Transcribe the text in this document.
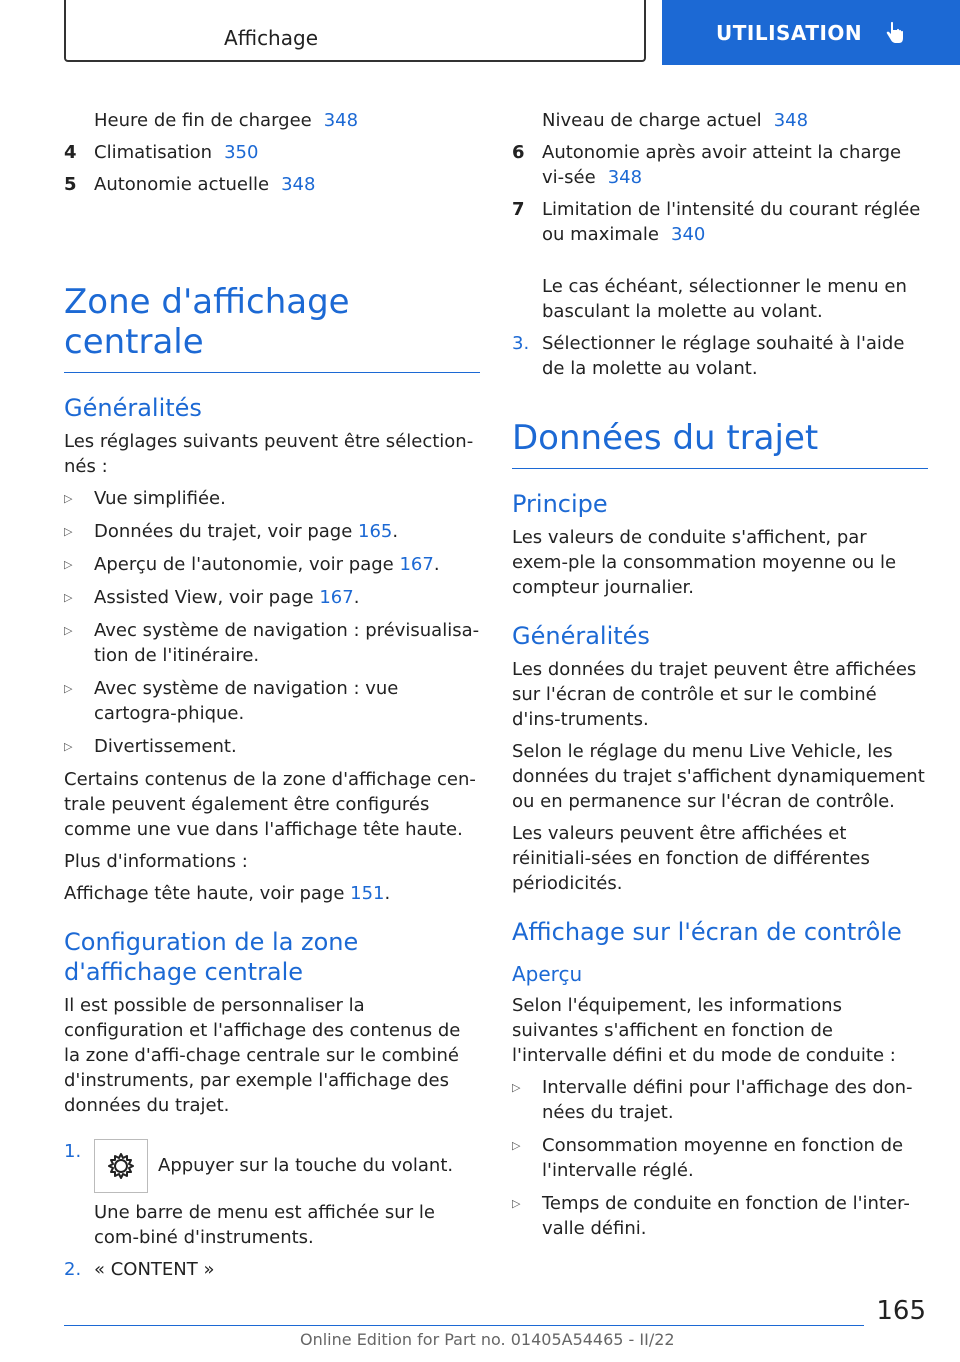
Affichage	UTILISATION
Heure de fin de chargee 348
4 Climatisation 350
5 Autonomie actuelle 348
Zone d'affichage centrale
Généralités

Les réglages suivants peuvent être sélection-nés :

▷	Vue simplifiée.
▷	Données du trajet, voir page 165.
▷	Aperçu de l'autonomie, voir page 167.
▷	Assisted View, voir page 167.
▷	Avec système de navigation : prévisualisa-tion de l'itinéraire.
▷	Avec système de navigation : vue cartogra-phique.
▷	Divertissement.

Certains contenus de la zone d'affichage cen-trale peuvent également être configurés comme une vue dans l'affichage tête haute.

Plus d'informations :

Affichage tête haute, voir page 151.

Configuration de la zone d'affichage centrale

Il est possible de personnaliser la configuration et l'affichage des contenus de la zone d'affi-chage centrale sur le combiné d'instruments, par exemple l'affichage des données du trajet.

1.
Appuyer sur la touche du volant.

Une barre de menu est affichée sur le com-biné d'instruments.

2. « CONTENT »
Niveau de charge actuel 348
6 Autonomie après avoir atteint la charge vi-sée 348
7 Limitation de l'intensité du courant réglée ou maximale 340

Le cas échéant, sélectionner le menu en basculant la molette au volant.

3. Sélectionner le réglage souhaité à l'aide de la molette au volant.
Données du trajet
Principe

Les valeurs de conduite s'affichent, par exem-ple la consommation moyenne ou le compteur journalier.

Généralités

Les données du trajet peuvent être affichées sur l'écran de contrôle et sur le combiné d'ins-truments.

Selon le réglage du menu Live Vehicle, les données du trajet s'affichent dynamiquement ou en permanence sur l'écran de contrôle.

Les valeurs peuvent être affichées et réinitiali-sées en fonction de différentes périodicités.

Affichage sur l'écran de contrôle
Aperçu

Selon l'équipement, les informations suivantes s'affichent en fonction de l'intervalle défini et du mode de conduite :

▷	Intervalle défini pour l'affichage des don-nées du trajet.
▷	Consommation moyenne en fonction de l'intervalle réglé.
▷	Temps de conduite en fonction de l'inter-valle défini.
165
Online Edition for Part no. 01405A54465 - II/22
